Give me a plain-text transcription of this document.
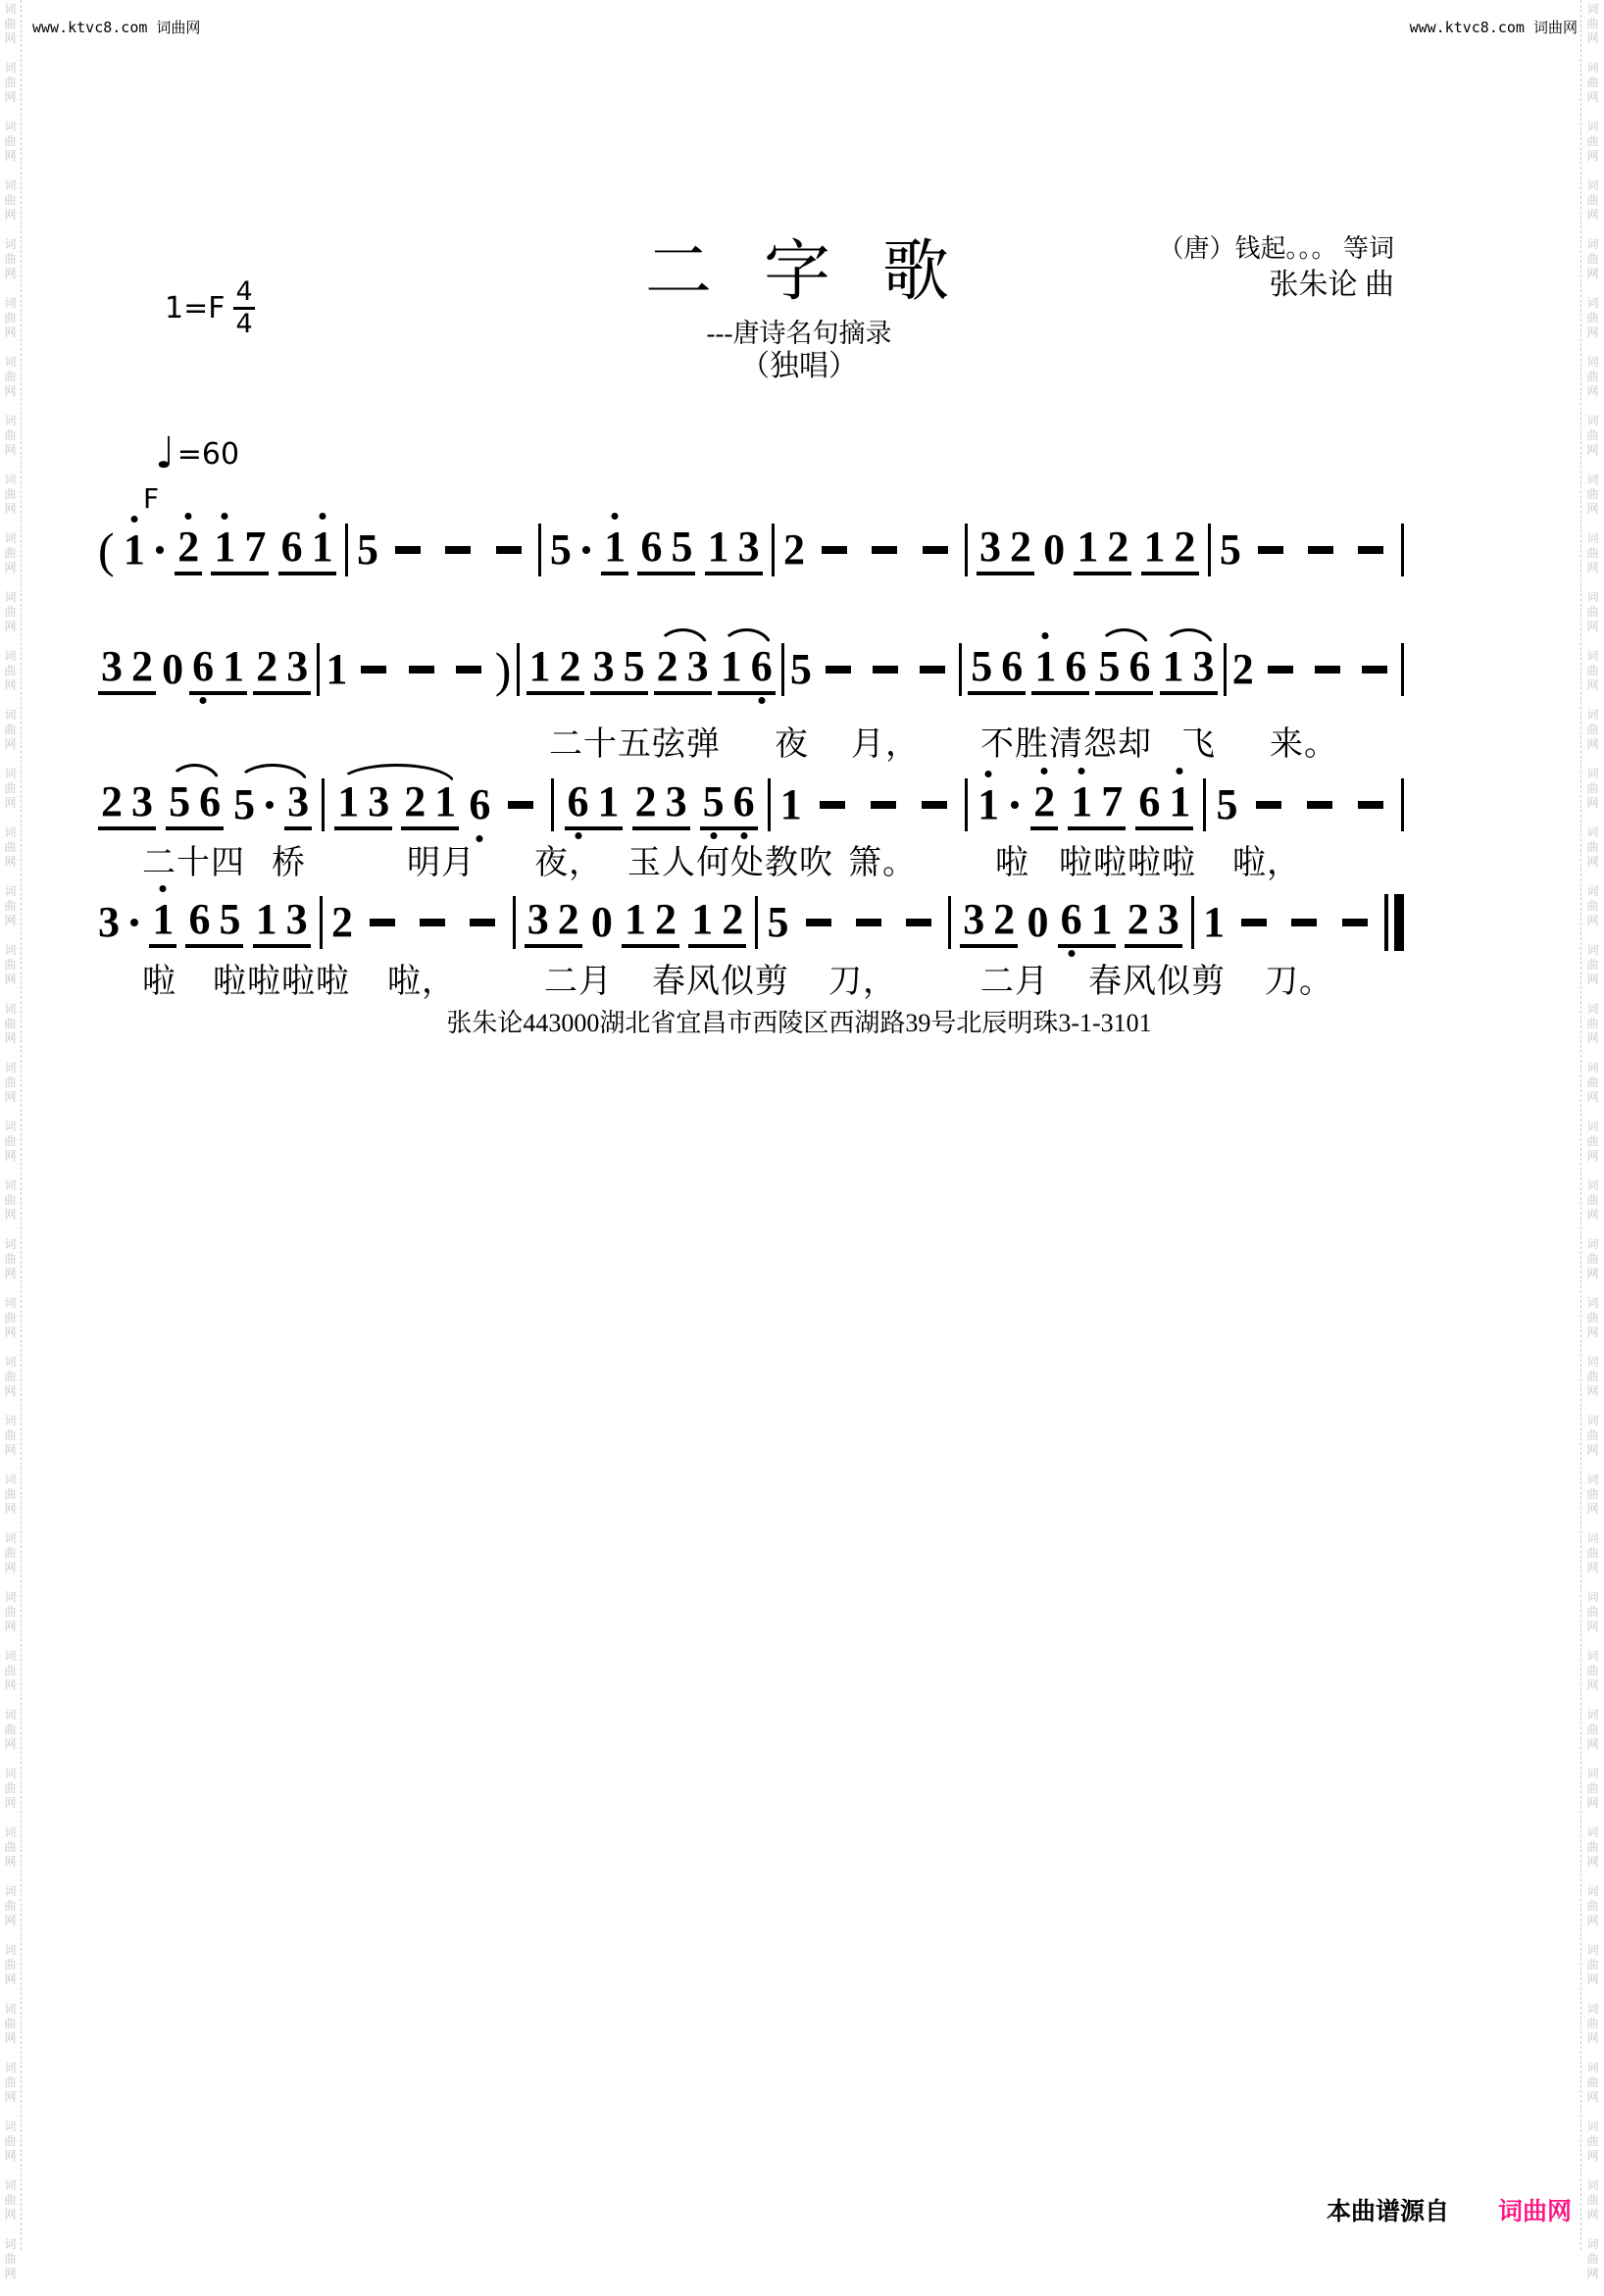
词
曲
网
词
曲
网
词
曲
网
词
曲
网
词
曲
网
词
曲
网
词
曲
网
词
曲
网
词
曲
网
词
曲
网
词
曲
网
词
曲
网
词
曲
网
词
曲
网
词
曲
网
词
曲
网
词
曲
网
词
曲
网
词
曲
网
词
曲
网
词
曲
网
词
曲
网
词
曲
网
词
曲
网
词
曲
网
词
曲
网
词
曲
网
词
曲
网
词
曲
网
词
曲
网
词
曲
网
词
曲
网
词
曲
网
词
曲
网
词
曲
网
词
曲
网
词
曲
网
词
曲
网
词
曲
网
词
曲
网
词
曲
网
词
曲
网
词
曲
网
词
曲
网
词
曲
网
词
曲
网
词
曲
网
词
曲
网
词
曲
网
词
曲
网
词
曲
网
词
曲
网
词
曲
网
词
曲
网
词
曲
网
词
曲
网
词
曲
网
词
曲
网
词
曲
网
词
曲
网
词
曲
网
词
曲
网
词
曲
网
词
曲
网
词
曲
网
词
曲
网
词
曲
网
词
曲
网
词
曲
网
词
曲
网
词
曲
网
词
曲
网
词
曲
网
词
曲
网
词
曲
网
词
曲
网
词
曲
网
词
曲
网
www.ktvc8.com 词曲网	www.ktvc8.com 词曲网
二 字 歌
---唐诗名句摘录
（独唱）
（唐）钱起。。。 等词
张朱论 曲
$1=F \frac{4}{4}$
♩ =60
F
( 1 2 1 7 6 1 5	5 1 6 5 1 3 2	3 2 0 1 2 1 2 5
3 2 0 6 1 2 3 1	) 1 2 3 5 2 3 1 6 5	5 6 1 6 5 6 1 3 2
2 3 5 6 5 3 1 3 2 1 6 6 1 2 3 5 6 1	1 2 1 7 6 1 5
3 1 6 5 1 3 2	3 2 0 1 2 1 2 5	3 2 0 6 1 2 3 1
二十五弦弹 夜 月， 不胜清怨却 飞 来。
二十四 桥	明月 夜， 玉人何处教吹 箫。 啦 啦啦啦啦 啦，
啦 啦啦啦啦 啦，	二月 春风似剪 刀，	二月 春风似剪 刀。
张朱论443000湖北省宜昌市西陵区西湖路39号北辰明珠3-1-3101
本曲谱源自 词曲网
